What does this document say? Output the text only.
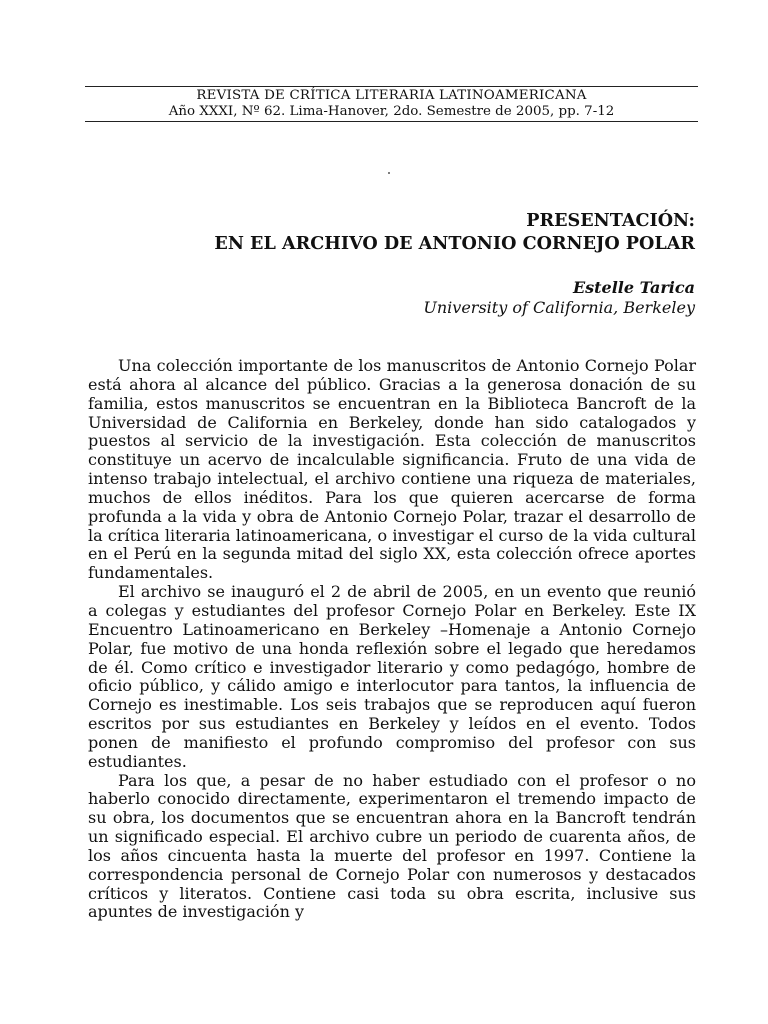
REVISTA DE CRÍTICA LITERARIA LATINOAMERICANA
Año XXXI, Nº 62. Lima-Hanover, 2do. Semestre de 2005, pp. 7-12
PRESENTACIÓN:
EN EL ARCHIVO DE ANTONIO CORNEJO POLAR
Estelle Tarica
University of California, Berkeley

Una colección importante de los manuscritos de Antonio Cornejo Polar está ahora al alcance del público. Gracias a la generosa donación de su familia, estos manuscritos se encuentran en la Biblioteca Bancroft de la Universidad de California en Berkeley, donde han sido catalogados y puestos al servicio de la investigación. Esta colección de manuscritos constituye un acervo de incalculable significancia. Fruto de una vida de intenso trabajo intelectual, el archivo contiene una riqueza de materiales, muchos de ellos inéditos. Para los que quieren acercarse de forma profunda a la vida y obra de Antonio Cornejo Polar, trazar el desarrollo de la crítica literaria latinoamericana, o investigar el curso de la vida cultural en el Perú en la segunda mitad del siglo XX, esta colección ofrece aportes fundamentales.

El archivo se inauguró el 2 de abril de 2005, en un evento que reunió a colegas y estudiantes del profesor Cornejo Polar en Berkeley. Este IX Encuentro Latinoamericano en Berkeley –Homenaje a Antonio Cornejo Polar, fue motivo de una honda reflexión sobre el legado que heredamos de él. Como crítico e investigador literario y como pedagógo, hombre de oficio público, y cálido amigo e interlocutor para tantos, la influencia de Cornejo es inestimable. Los seis trabajos que se reproducen aquí fueron escritos por sus estudiantes en Berkeley y leídos en el evento. Todos ponen de manifiesto el profundo compromiso del profesor con sus estudiantes.

Para los que, a pesar de no haber estudiado con el profesor o no haberlo conocido directamente, experimentaron el tremendo impacto de su obra, los documentos que se encuentran ahora en la Bancroft tendrán un significado especial. El archivo cubre un periodo de cuarenta años, de los años cincuenta hasta la muerte del profesor en 1997. Contiene la correspondencia personal de Cornejo Polar con numerosos y destacados críticos y literatos. Contiene casi toda su obra escrita, inclusive sus apuntes de investigación y
